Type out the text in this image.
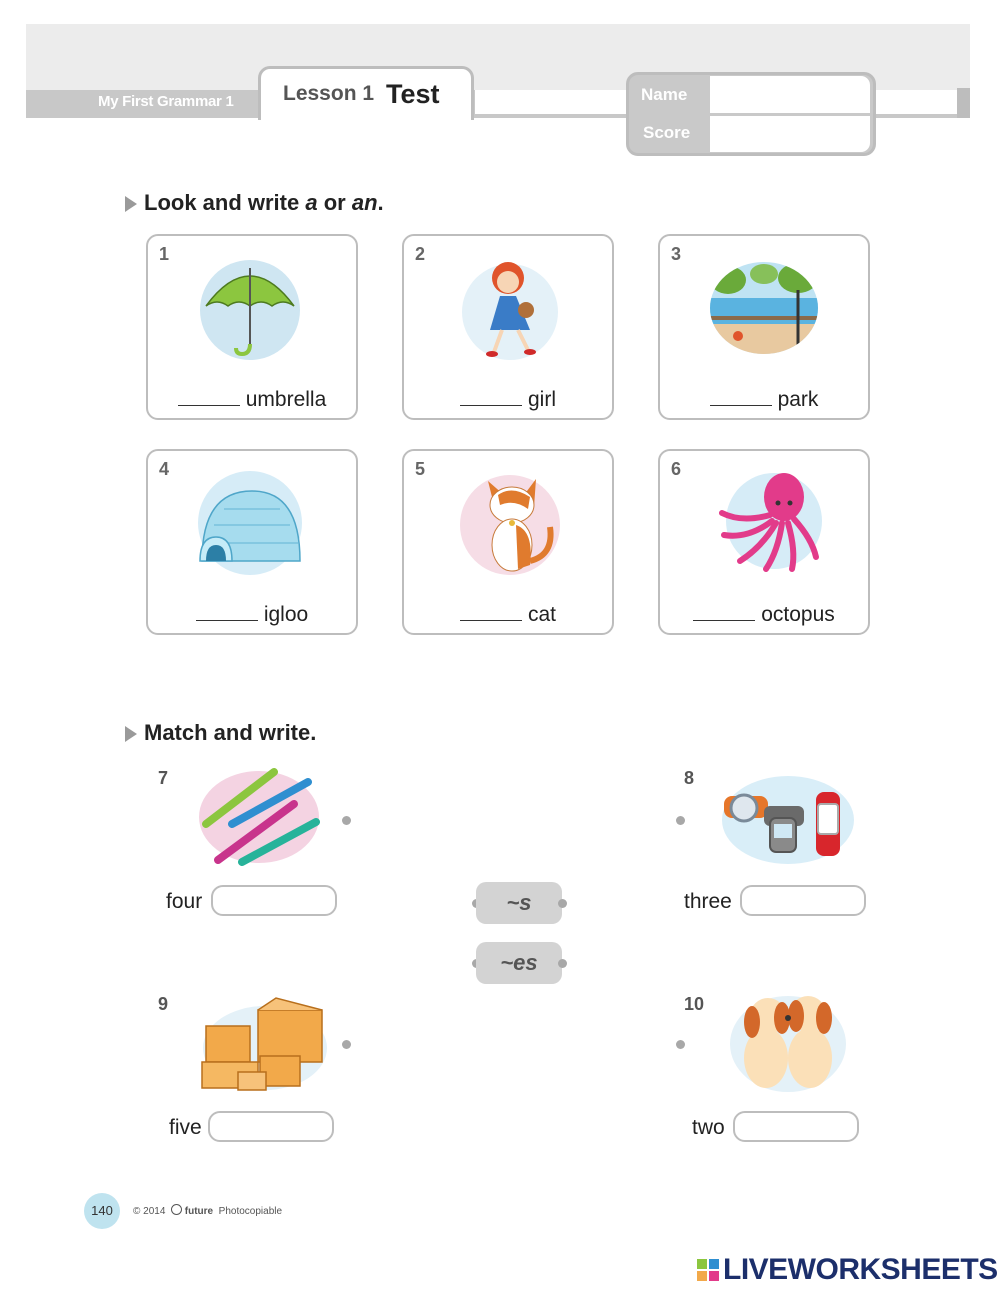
My First Grammar 1 Lesson 1 Test	Name
Score
Look and write a or an.
1
umbrella
2
girl
3
park
4
igloo
5
cat
6
octopus
Match and write.
7
four
8
three
~s
~es
9
five
10
two
140	© 2014 future Photocopiable
LIVEWORKSHEETS
